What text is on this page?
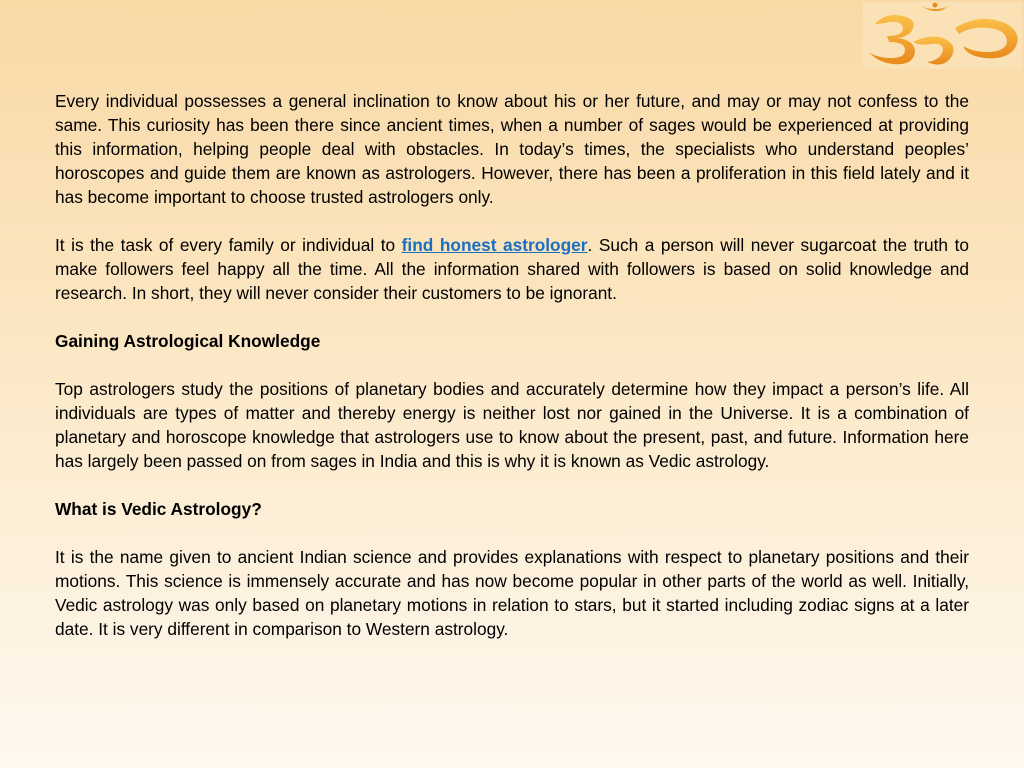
Every individual possesses a general inclination to know about his or her future, and may or may not confess to the same. This curiosity has been there since ancient times, when a number of sages would be experienced at providing this information, helping people deal with obstacles. In today’s times, the specialists who understand peoples’ horoscopes and guide them are known as astrologers. However, there has been a proliferation in this field lately and it has become important to choose trusted astrologers only.

It is the task of every family or individual to find honest astrologer. Such a person will never sugarcoat the truth to make followers feel happy all the time. All the information shared with followers is based on solid knowledge and research. In short, they will never consider their customers to be ignorant.

Gaining Astrological Knowledge

Top astrologers study the positions of planetary bodies and accurately determine how they impact a person’s life. All individuals are types of matter and thereby energy is neither lost nor gained in the Universe. It is a combination of planetary and horoscope knowledge that astrologers use to know about the present, past, and future. Information here has largely been passed on from sages in India and this is why it is known as Vedic astrology.

What is Vedic Astrology?

It is the name given to ancient Indian science and provides explanations with respect to planetary positions and their motions. This science is immensely accurate and has now become popular in other parts of the world as well. Initially, Vedic astrology was only based on planetary motions in relation to stars, but it started including zodiac signs at a later date. It is very different in comparison to Western astrology.
